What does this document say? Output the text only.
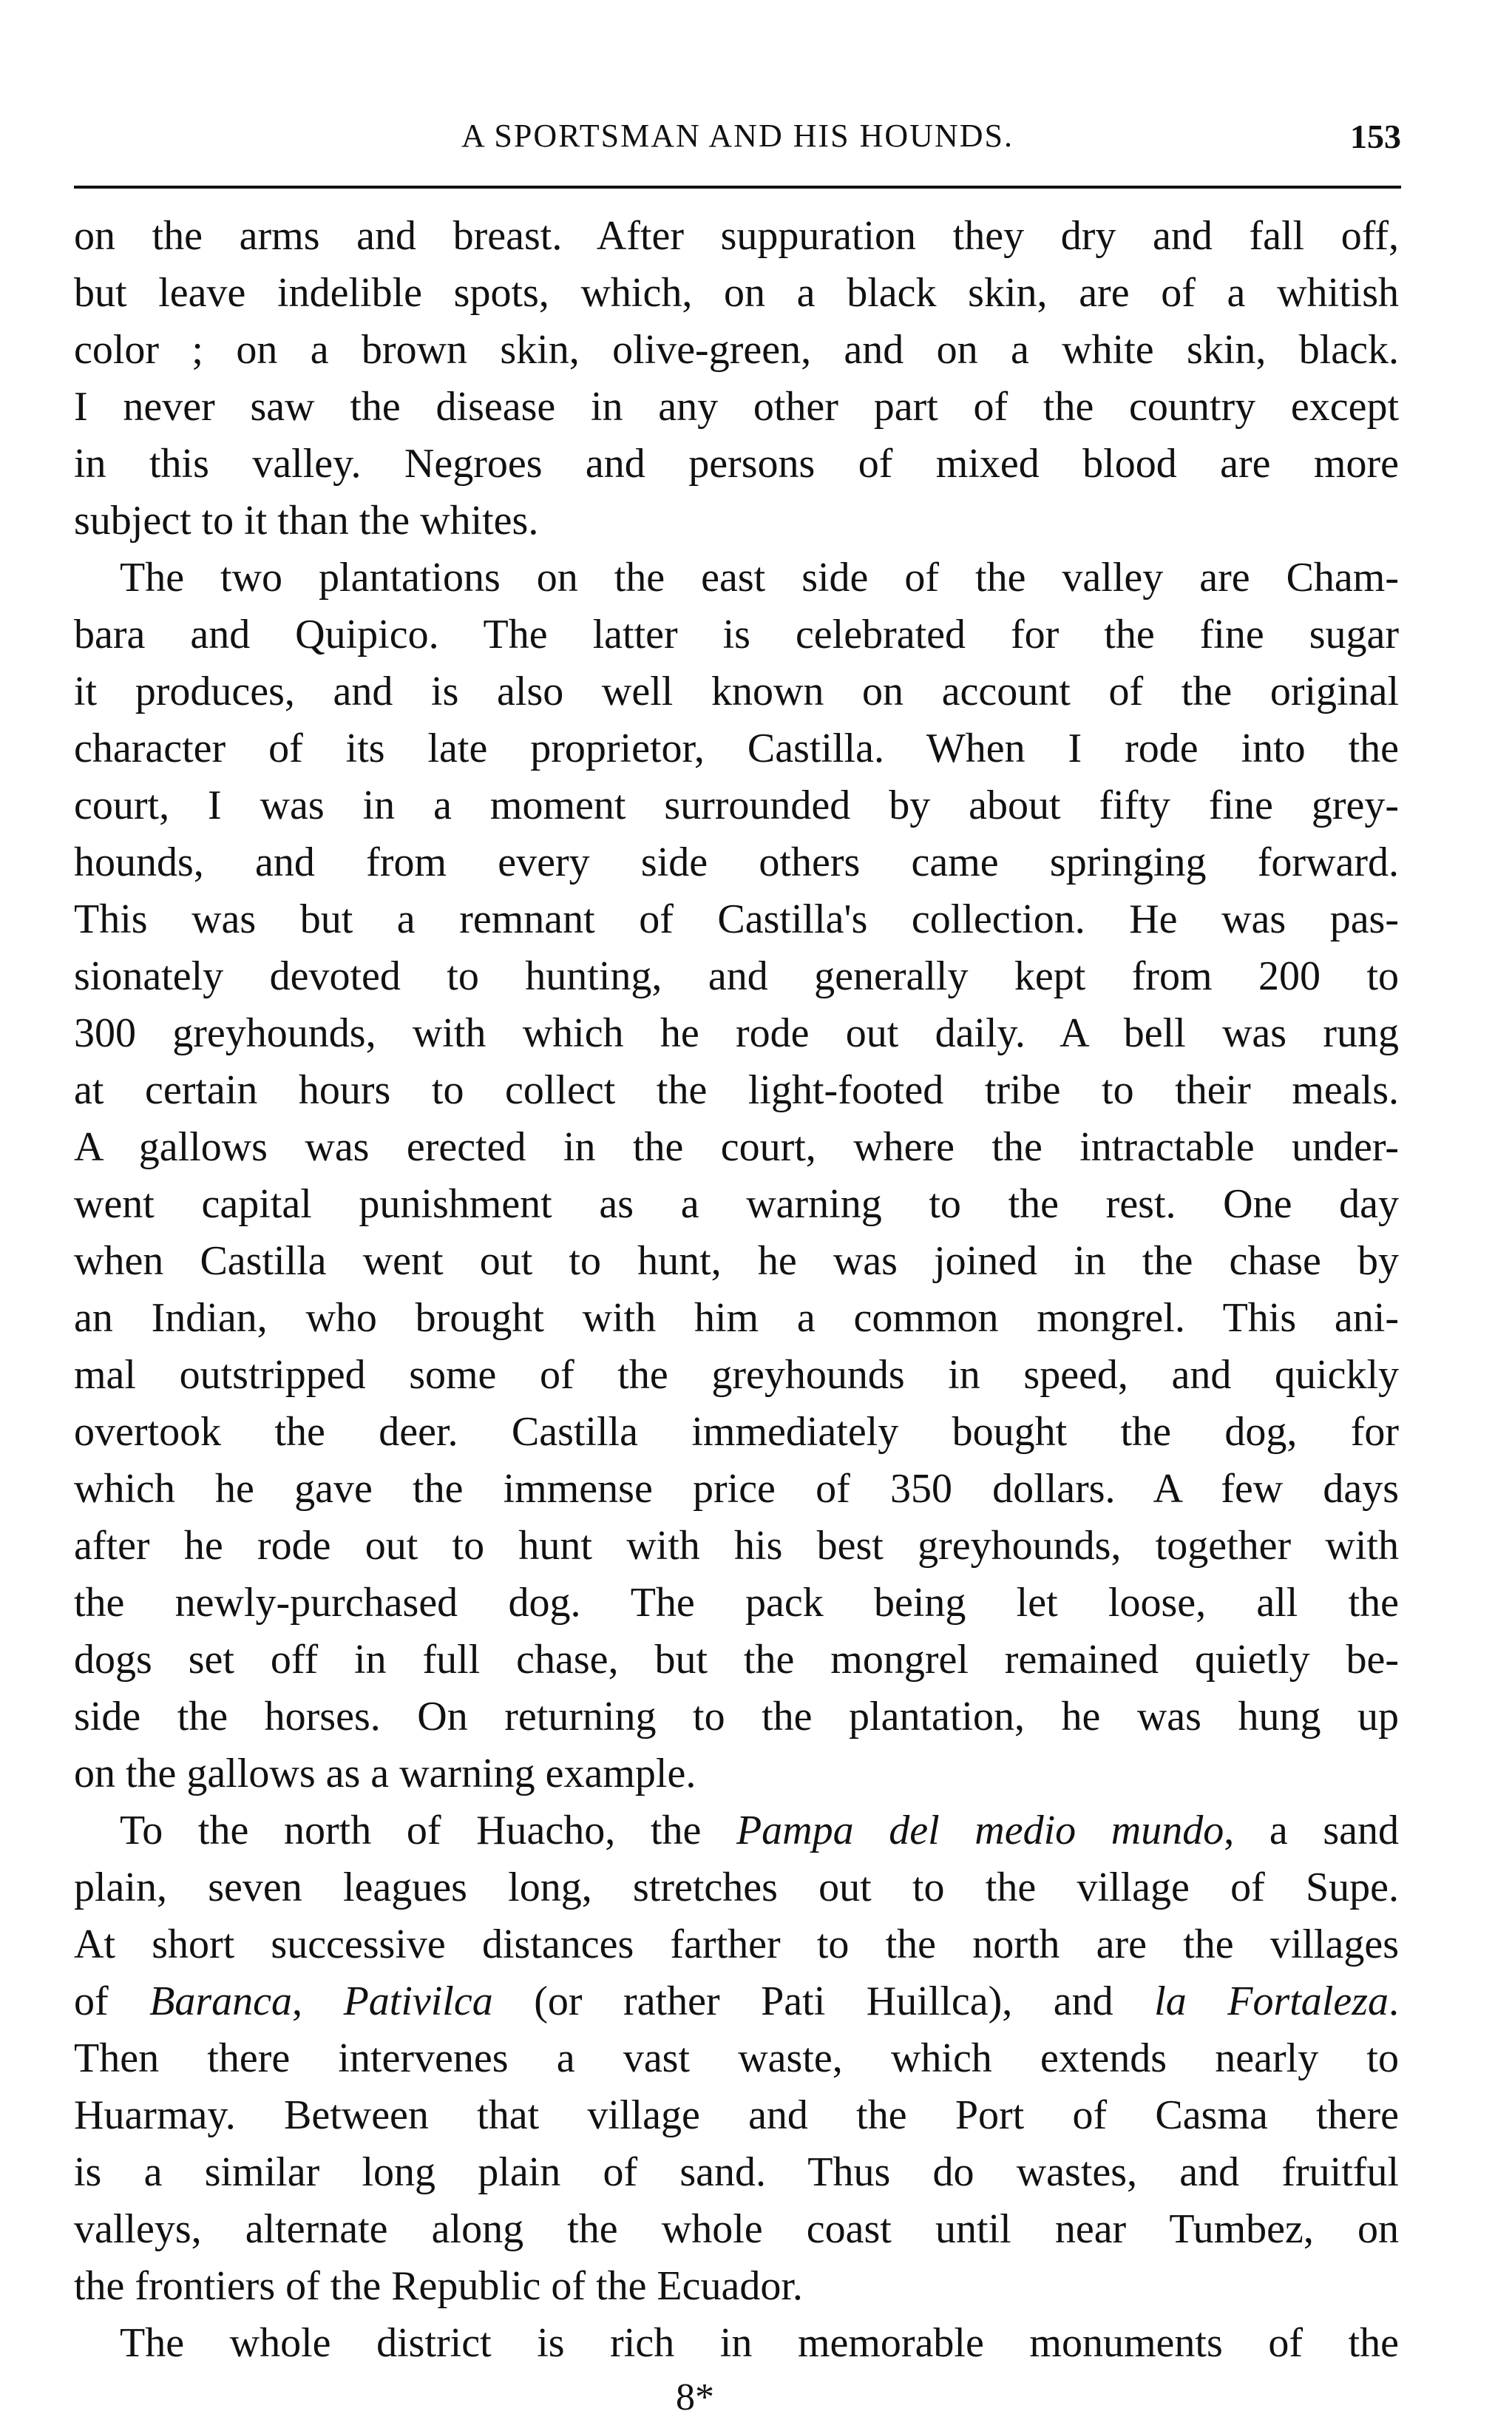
A SPORTSMAN AND HIS HOUNDS.	153
on the arms and breast. After suppuration they dry and fall off,
but leave indelible spots, which, on a black skin, are of a whitish
color ; on a brown skin, olive-green, and on a white skin, black.
I never saw the disease in any other part of the country except
in this valley. Negroes and persons of mixed blood are more
subject to it than the whites.
The two plantations on the east side of the valley are Cham-
bara and Quipico. The latter is celebrated for the fine sugar
it produces, and is also well known on account of the original
character of its late proprietor, Castilla. When I rode into the
court, I was in a moment surrounded by about fifty fine grey-
hounds, and from every side others came springing forward.
This was but a remnant of Castilla's collection. He was pas-
sionately devoted to hunting, and generally kept from 200 to
300 greyhounds, with which he rode out daily. A bell was rung
at certain hours to collect the light-footed tribe to their meals.
A gallows was erected in the court, where the intractable under-
went capital punishment as a warning to the rest. One day
when Castilla went out to hunt, he was joined in the chase by
an Indian, who brought with him a common mongrel. This ani-
mal outstripped some of the greyhounds in speed, and quickly
overtook the deer. Castilla immediately bought the dog, for
which he gave the immense price of 350 dollars. A few days
after he rode out to hunt with his best greyhounds, together with
the newly-purchased dog. The pack being let loose, all the
dogs set off in full chase, but the mongrel remained quietly be-
side the horses. On returning to the plantation, he was hung up
on the gallows as a warning example.
To the north of Huacho, the Pampa del medio mundo, a sand
plain, seven leagues long, stretches out to the village of Supe.
At short successive distances farther to the north are the villages
of Baranca, Pativilca (or rather Pati Huillca), and la Fortaleza.
Then there intervenes a vast waste, which extends nearly to
Huarmay. Between that village and the Port of Casma there
is a similar long plain of sand. Thus do wastes, and fruitful
valleys, alternate along the whole coast until near Tumbez, on
the frontiers of the Republic of the Ecuador.
The whole district is rich in memorable monuments of the
8*
